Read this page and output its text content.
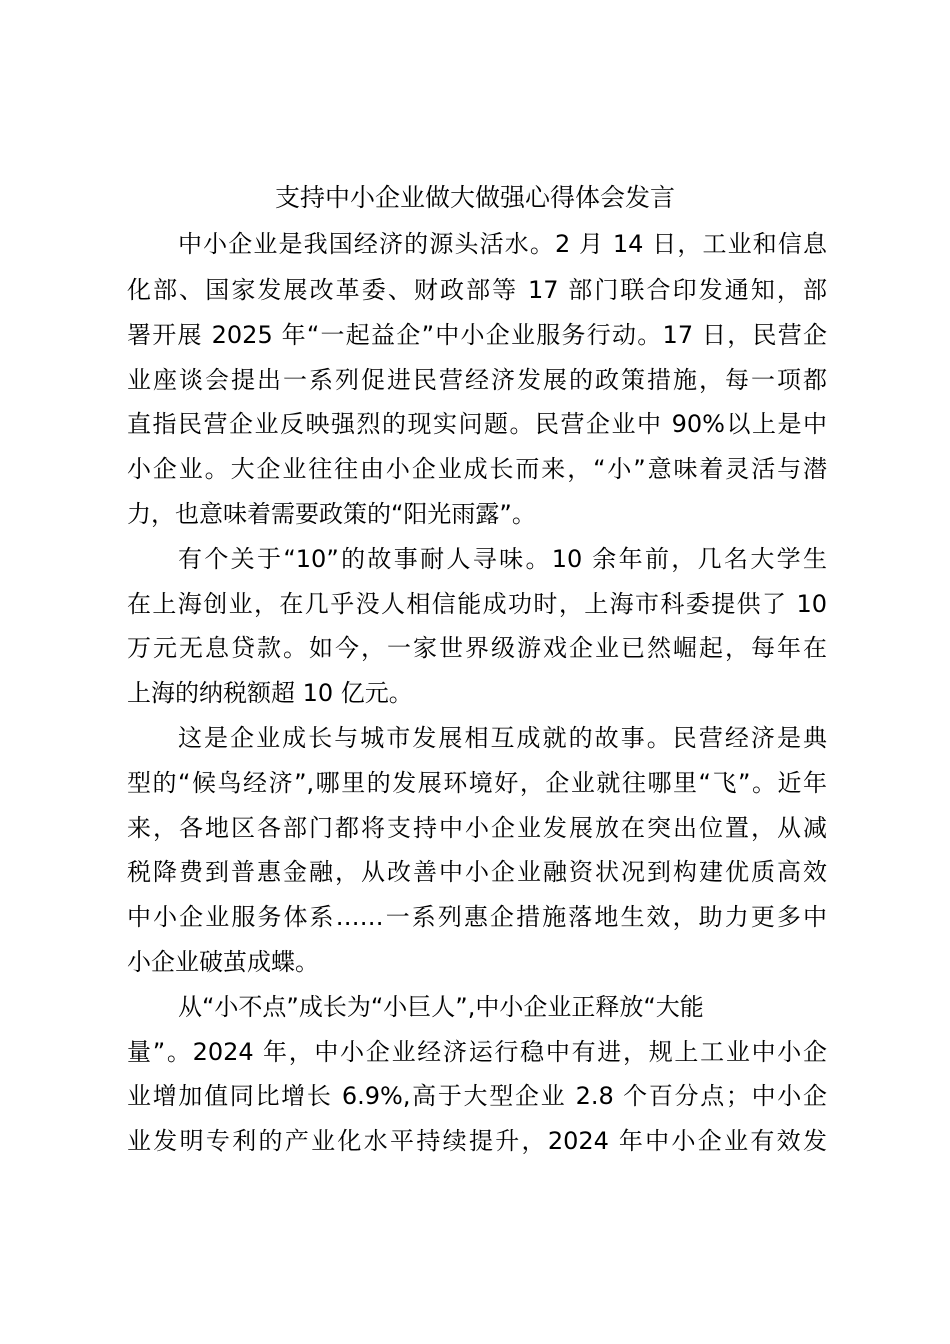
支持中小企业做大做强心得体会发言

中小企业是我国经济的源头活水。2 月 14 日，工业和信息

化部、国家发展改革委、财政部等 17 部门联合印发通知，部

署开展 2025 年“一起益企”中小企业服务行动。17 日，民营企

业座谈会提出一系列促进民营经济发展的政策措施，每一项都

直指民营企业反映强烈的现实问题。民营企业中 90%以上是中

小企业。大企业往往由小企业成长而来，“小”意味着灵活与潜

力，也意味着需要政策的“阳光雨露”。

有个关于“10”的故事耐人寻味。10 余年前，几名大学生

在上海创业，在几乎没人相信能成功时，上海市科委提供了 10

万元无息贷款。如今，一家世界级游戏企业已然崛起，每年在

上海的纳税额超 10 亿元。

这是企业成长与城市发展相互成就的故事。民营经济是典

型的“候鸟经济”,哪里的发展环境好，企业就往哪里“飞”。近年

来，各地区各部门都将支持中小企业发展放在突出位置，从减

税降费到普惠金融，从改善中小企业融资状况到构建优质高效

中小企业服务体系……一系列惠企措施落地生效，助力更多中

小企业破茧成蝶。

从“小不点”成长为“小巨人”,中小企业正释放“大能

量”。2024 年，中小企业经济运行稳中有进，规上工业中小企

业增加值同比增长 6.9%,高于大型企业 2.8 个百分点；中小企

业发明专利的产业化水平持续提升，2024 年中小企业有效发
